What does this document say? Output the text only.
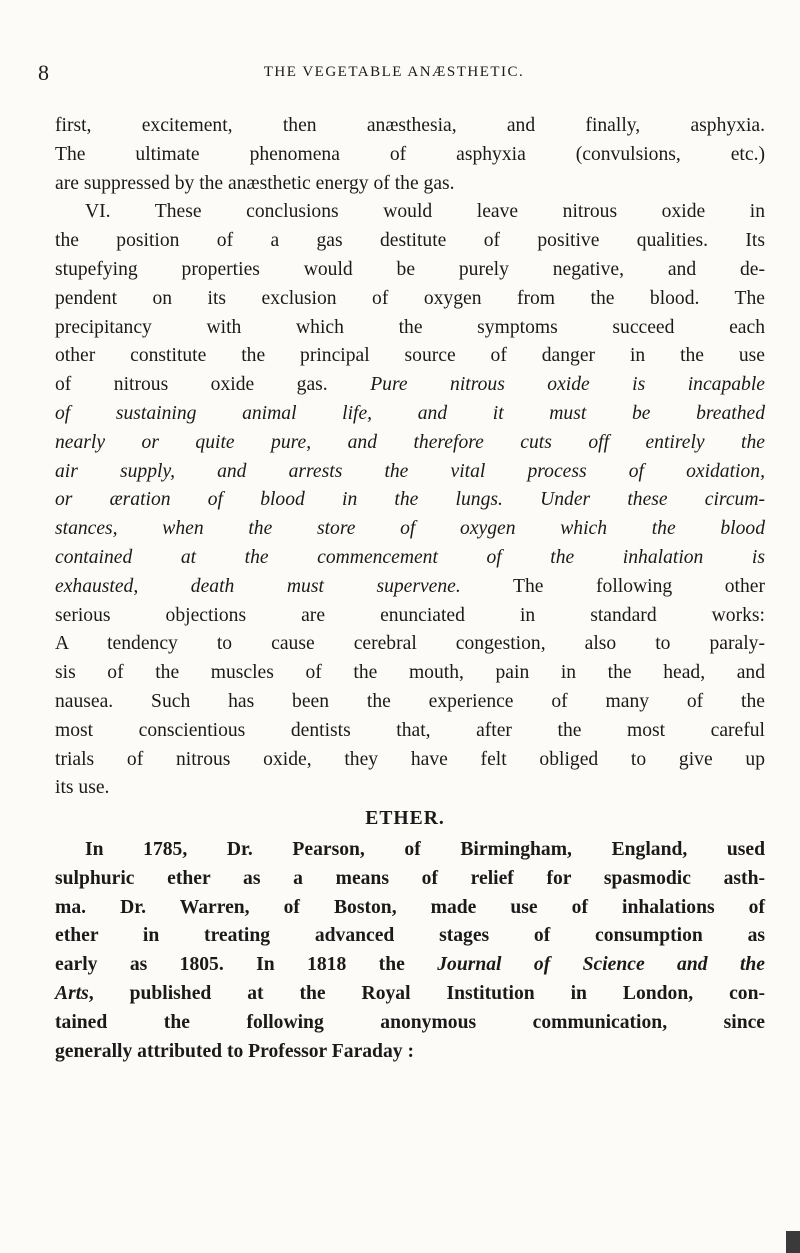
8	THE VEGETABLE ANÆSTHETIC.
first, excitement, then anæsthesia, and finally, asphyxia.
The ultimate phenomena of asphyxia (convulsions, etc.)
are suppressed by the anæsthetic energy of the gas.
VI. These conclusions would leave nitrous oxide in
the position of a gas destitute of positive qualities. Its
stupefying properties would be purely negative, and de-
pendent on its exclusion of oxygen from the blood. The
precipitancy with which the symptoms succeed each
other constitute the principal source of danger in the use
of nitrous oxide gas. Pure nitrous oxide is incapable
of sustaining animal life, and it must be breathed
nearly or quite pure, and therefore cuts off entirely the
air supply, and arrests the vital process of oxidation,
or æration of blood in the lungs. Under these circum-
stances, when the store of oxygen which the blood
contained at the commencement of the inhalation is
exhausted, death must supervene.	The following other
serious objections are enunciated in standard works:
A tendency to cause cerebral congestion, also to paraly-
sis of the muscles of the mouth, pain in the head, and
nausea. Such has been the experience of many of the
most conscientious dentists that, after the most careful
trials of nitrous oxide, they have felt obliged to give up
its use.
ETHER.
In 1785, Dr. Pearson, of Birmingham, England, used
sulphuric ether as a means of relief for spasmodic asth-
ma. Dr. Warren, of Boston, made use of inhalations of
ether in treating advanced stages of consumption as
early as 1805. In 1818 the Journal of Science and the
Arts, published at the Royal Institution in London, con-
tained the following anonymous communication, since
generally attributed to Professor Faraday :
